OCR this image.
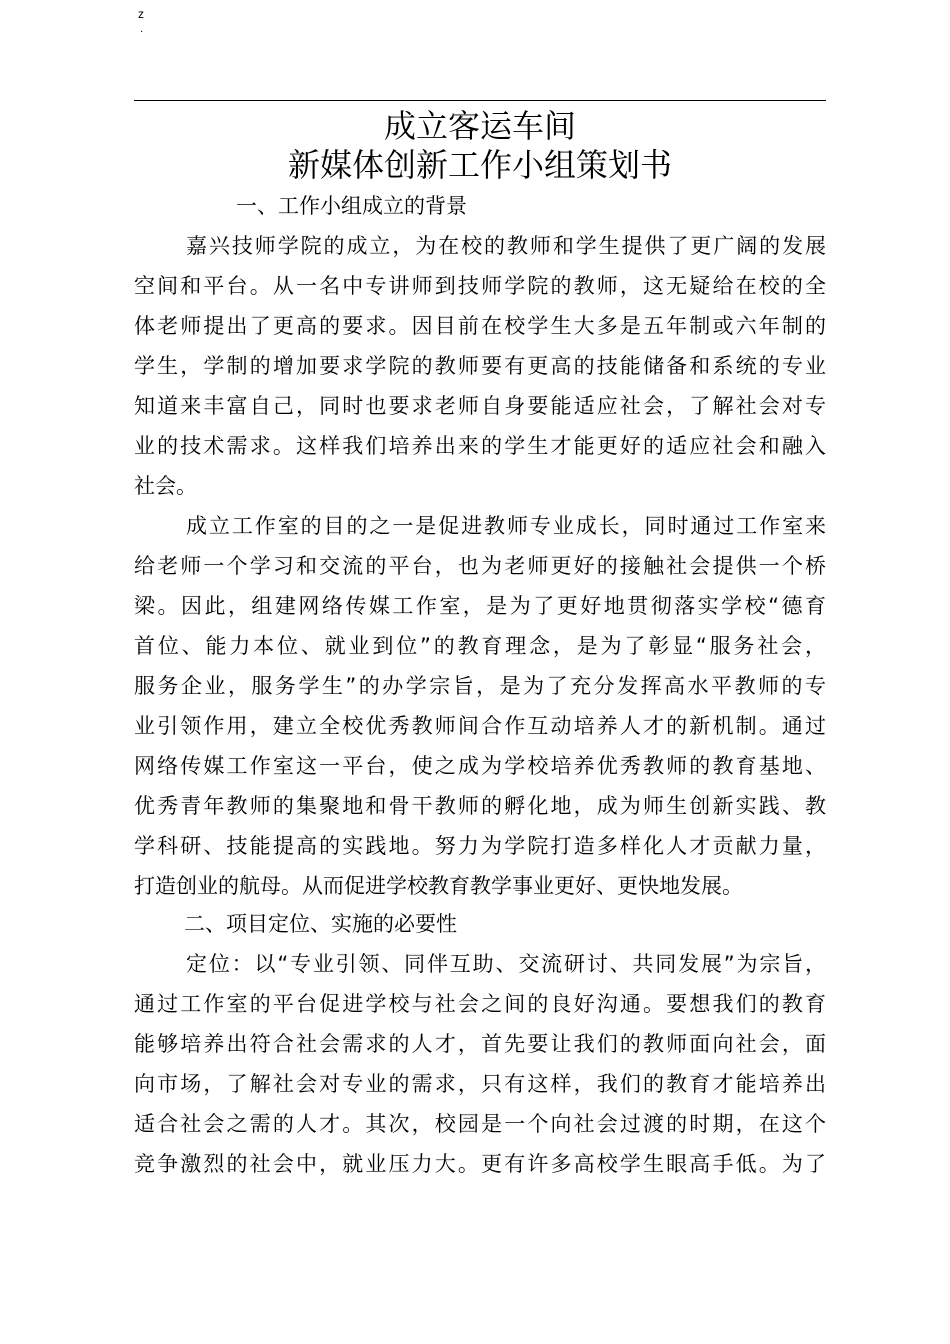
z
.
成立客运车间
新媒体创新工作小组策划书
一、工作小组成立的背景
嘉兴技师学院的成立，为在校的教师和学生提供了更广阔的发展
空间和平台。从一名中专讲师到技师学院的教师，这无疑给在校的全
体老师提出了更高的要求。因目前在校学生大多是五年制或六年制的
学生，学制的增加要求学院的教师要有更高的技能储备和系统的专业
知道来丰富自己，同时也要求老师自身要能适应社会，了解社会对专
业的技术需求。这样我们培养出来的学生才能更好的适应社会和融入
社会。
成立工作室的目的之一是促进教师专业成长，同时通过工作室来
给老师一个学习和交流的平台，也为老师更好的接触社会提供一个桥
梁。因此，组建网络传媒工作室，是为了更好地贯彻落实学校“德育
首位、能力本位、就业到位”的教育理念，是为了彰显“服务社会，
服务企业，服务学生”的办学宗旨，是为了充分发挥高水平教师的专
业引领作用，建立全校优秀教师间合作互动培养人才的新机制。通过
网络传媒工作室这一平台，使之成为学校培养优秀教师的教育基地、
优秀青年教师的集聚地和骨干教师的孵化地，成为师生创新实践、教
学科研、技能提高的实践地。努力为学院打造多样化人才贡献力量，
打造创业的航母。从而促进学校教育教学事业更好、更快地发展。
二、项目定位、实施的必要性
定位：以“专业引领、同伴互助、交流研讨、共同发展”为宗旨，
通过工作室的平台促进学校与社会之间的良好沟通。要想我们的教育
能够培养出符合社会需求的人才，首先要让我们的教师面向社会，面
向市场，了解社会对专业的需求，只有这样，我们的教育才能培养出
适合社会之需的人才。其次，校园是一个向社会过渡的时期，在这个
竞争激烈的社会中，就业压力大。更有许多高校学生眼高手低。为了
